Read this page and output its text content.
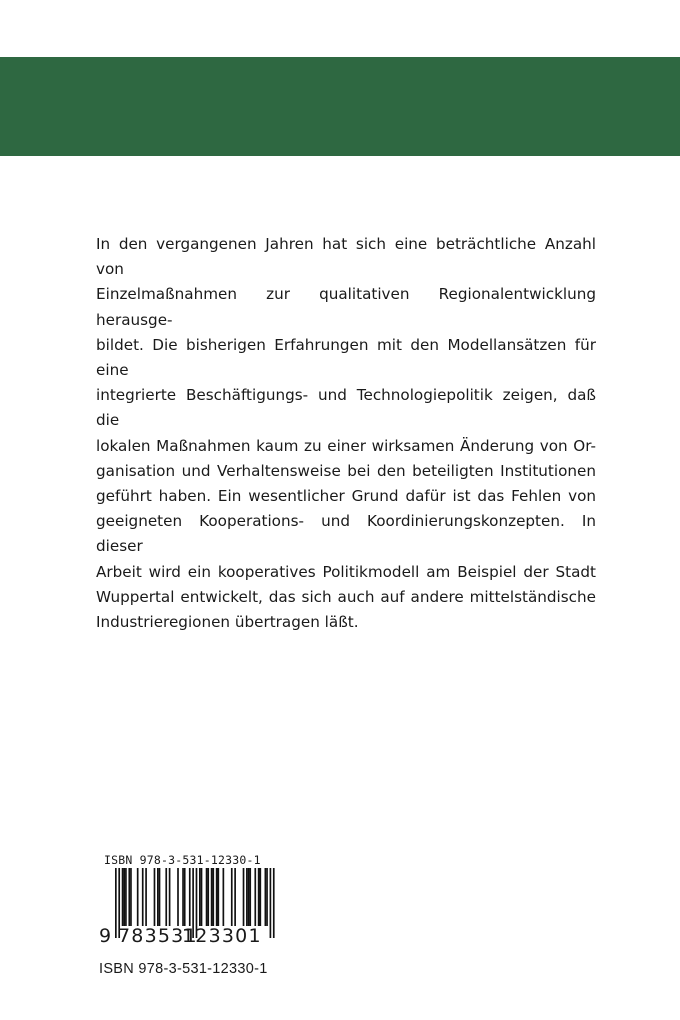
In den vergangenen Jahren hat sich eine beträchtliche Anzahl von
Einzelmaßnahmen zur qualitativen Regionalentwicklung herausge-
bildet. Die bisherigen Erfahrungen mit den Modellansätzen für eine
integrierte Beschäftigungs- und Technologiepolitik zeigen, daß die
lokalen Maßnahmen kaum zu einer wirksamen Änderung von Or-
ganisation und Verhaltensweise bei den beteiligten Institutionen
geführt haben. Ein wesentlicher Grund dafür ist das Fehlen von
geeigneten Kooperations- und Koordinierungskonzepten. In dieser
Arbeit wird ein kooperatives Politikmodell am Beispiel der Stadt
Wuppertal entwickelt, das sich auch auf andere mittelständische
Industrieregionen übertragen läßt.
ISBN 978-3-531-12330-1
9 783531
123301
ISBN 978-3-531-12330-1
